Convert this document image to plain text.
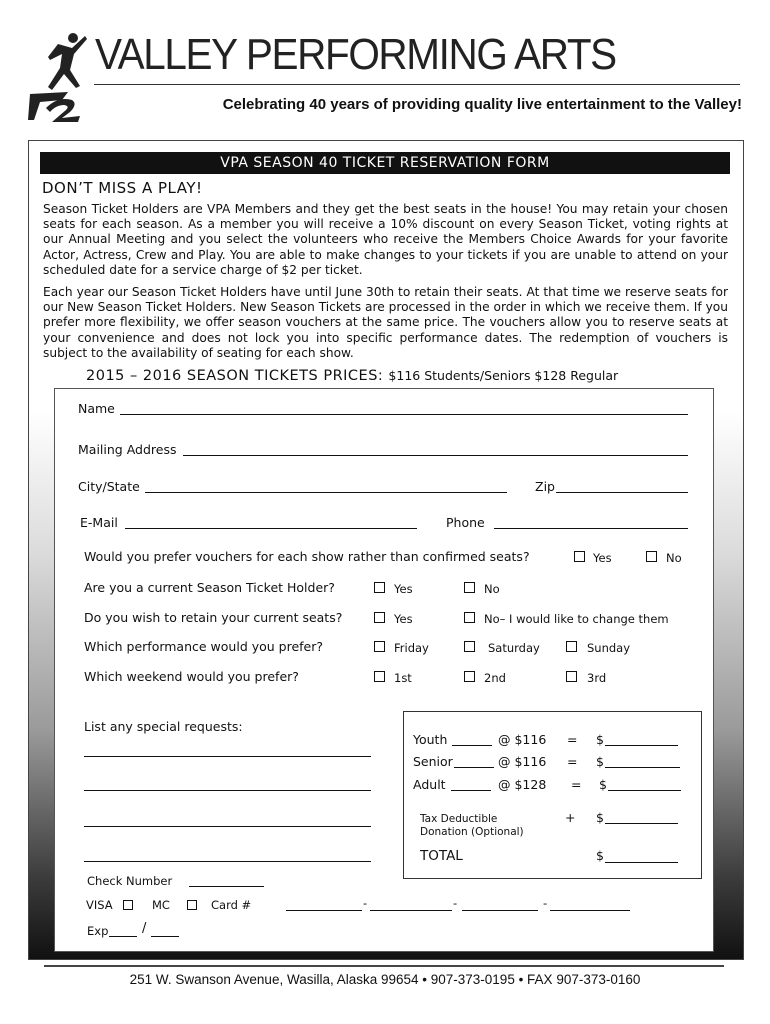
VALLEY PERFORMING ARTS
Celebrating 40 years of providing quality live entertainment to the Valley!
VPA SEASON 40 TICKET RESERVATION FORM
DON’T MISS A PLAY!
Season Ticket Holders are VPA Members and they get the best seats in the house! You may retain your chosen seats for each season. As a member you will receive a 10% discount on every Season Ticket, voting rights at our Annual Meeting and you select the volunteers who receive the Members Choice Awards for your favorite Actor, Actress, Crew and Play. You are able to make changes to your tickets if you are unable to attend on your scheduled date for a service charge of $2 per ticket.
Each year our Season Ticket Holders have until June 30th to retain their seats. At that time we reserve seats for our New Season Ticket Holders. New Season Tickets are processed in the order in which we receive them. If you prefer more flexibility, we offer season vouchers at the same price. The vouchers allow you to reserve seats at your convenience and does not lock you into specific performance dates. The redemption of vouchers is subject to the availability of seating for each show.
2015 – 2016 SEASON TICKETS PRICES: $116 Students/Seniors $128 Regular
Name
Mailing Address
City/State	Zip
E-Mail	Phone
Would you prefer vouchers for each show rather than confirmed seats?	Yes	No
Are you a current Season Ticket Holder?	Yes	No
Do you wish to retain your current seats?	Yes	No– I would like to change them
Which performance would you prefer?	Friday	Saturday	Sunday
Which weekend would you prefer?	1st	2nd	3rd
List any special requests:
Youth	@ $116 = $
Senior	@ $116 = $
Adult	@ $128 = $
Tax Deductible
Donation (Optional)
+ $
TOTAL	$
Check Number
VISA	MC	Card #	-	-	-
Exp	/
251 W. Swanson Avenue, Wasilla, Alaska 99654 • 907-373-0195 • FAX 907-373-0160
